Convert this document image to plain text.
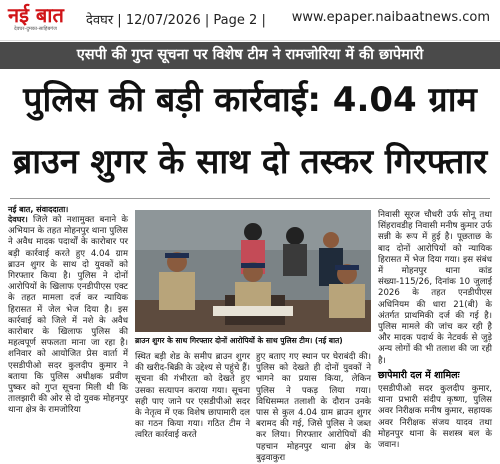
नई बात
देवघर-दुमका-साहिबगंज
देवघर | 12/07/2026 | Page 2 | www.epaper.naibaatnews.com
एसपी की गुप्त सूचना पर विशेष टीम ने रामजोरिया में की छापेमारी
पुलिस की बड़ी कार्रवाई: 4.04 ग्राम
ब्राउन शुगर के साथ दो तस्कर गिरफ्तार
नई बात, संवाददाता।
देवघर। जिले को नशामुक्त बनाने के अभियान के तहत मोहनपुर थाना पुलिस ने अवैध मादक पदार्थों के कारोबार पर बड़ी कार्रवाई करते हुए 4.04 ग्राम ब्राउन शुगर के साथ दो युवकों को गिरफ्तार किया है। पुलिस ने दोनों आरोपियों के खिलाफ एनडीपीएस एक्ट के तहत मामला दर्ज कर न्यायिक हिरासत में जेल भेज दिया है। इस कार्रवाई को जिले में नशे के अवैध कारोबार के खिलाफ पुलिस की महत्वपूर्ण सफलता माना जा रहा है। शनिवार को आयोजित प्रेस वार्ता में एसडीपीओ सदर कुलदीप कुमार ने बताया कि पुलिस अधीक्षक प्रवीण पुष्कर को गुप्त सूचना मिली थी कि तालझारी की ओर से दो युवक मोहनपुर थाना क्षेत्र के रामजोरिया
ब्राउन शुगर के साथ गिरफ्तार दोनों आरोपियों के साथ पुलिस टीम। (नई बात)
स्थित बड़ी शेड के समीप ब्राउन शुगर की खरीद-बिक्री के उद्देश्य से पहुंचे हैं। सूचना की गंभीरता को देखते हुए उसका सत्यापन कराया गया। सूचना सही पाए जाने पर एसडीपीओ सदर के नेतृत्व में एक विशेष छापामारी दल का गठन किया गया। गठित टीम ने त्वरित कार्रवाई करते
हुए बताए गए स्थान पर घेराबंदी की। पुलिस को देखते ही दोनों युवकों ने भागने का प्रयास किया, लेकिन पुलिस ने पकड़ लिया गया। विधिसम्मत तलाशी के दौरान उनके पास से कुल 4.04 ग्राम ब्राउन शुगर बरामद की गई, जिसे पुलिस ने जब्त कर लिया। गिरफ्तार आरोपियों की पहचान मोहनपुर थाना क्षेत्र के बुढ़वाकुरा
निवासी सूरज चौधरी उर्फ सोनू तथा सिंहरावडीह निवासी मनीष कुमार उर्फ सन्नी के रूप में हुई है। पूछताछ के बाद दोनों आरोपियों को न्यायिक हिरासत में भेज दिया गया। इस संबंध में मोहनपुर थाना कांड संख्या-115/26, दिनांक 10 जुलाई 2026 के तहत एनडीपीएस अधिनियम की धारा 21(बी) के अंतर्गत प्राथमिकी दर्ज की गई है। पुलिस मामले की जांच कर रही है और मादक पदार्थ के नेटवर्क से जुड़े अन्य लोगों की भी तलाश की जा रही है।
छापेमारी दल में शामिलः
एसडीपीओ सदर कुलदीप कुमार, थाना प्रभारी संदीप कृष्णा, पुलिस अवर निरीक्षक मनीष कुमार, सहायक अवर निरीक्षक संजय यादव तथा मोहनपुर थाना के सशस्त्र बल के जवान।
